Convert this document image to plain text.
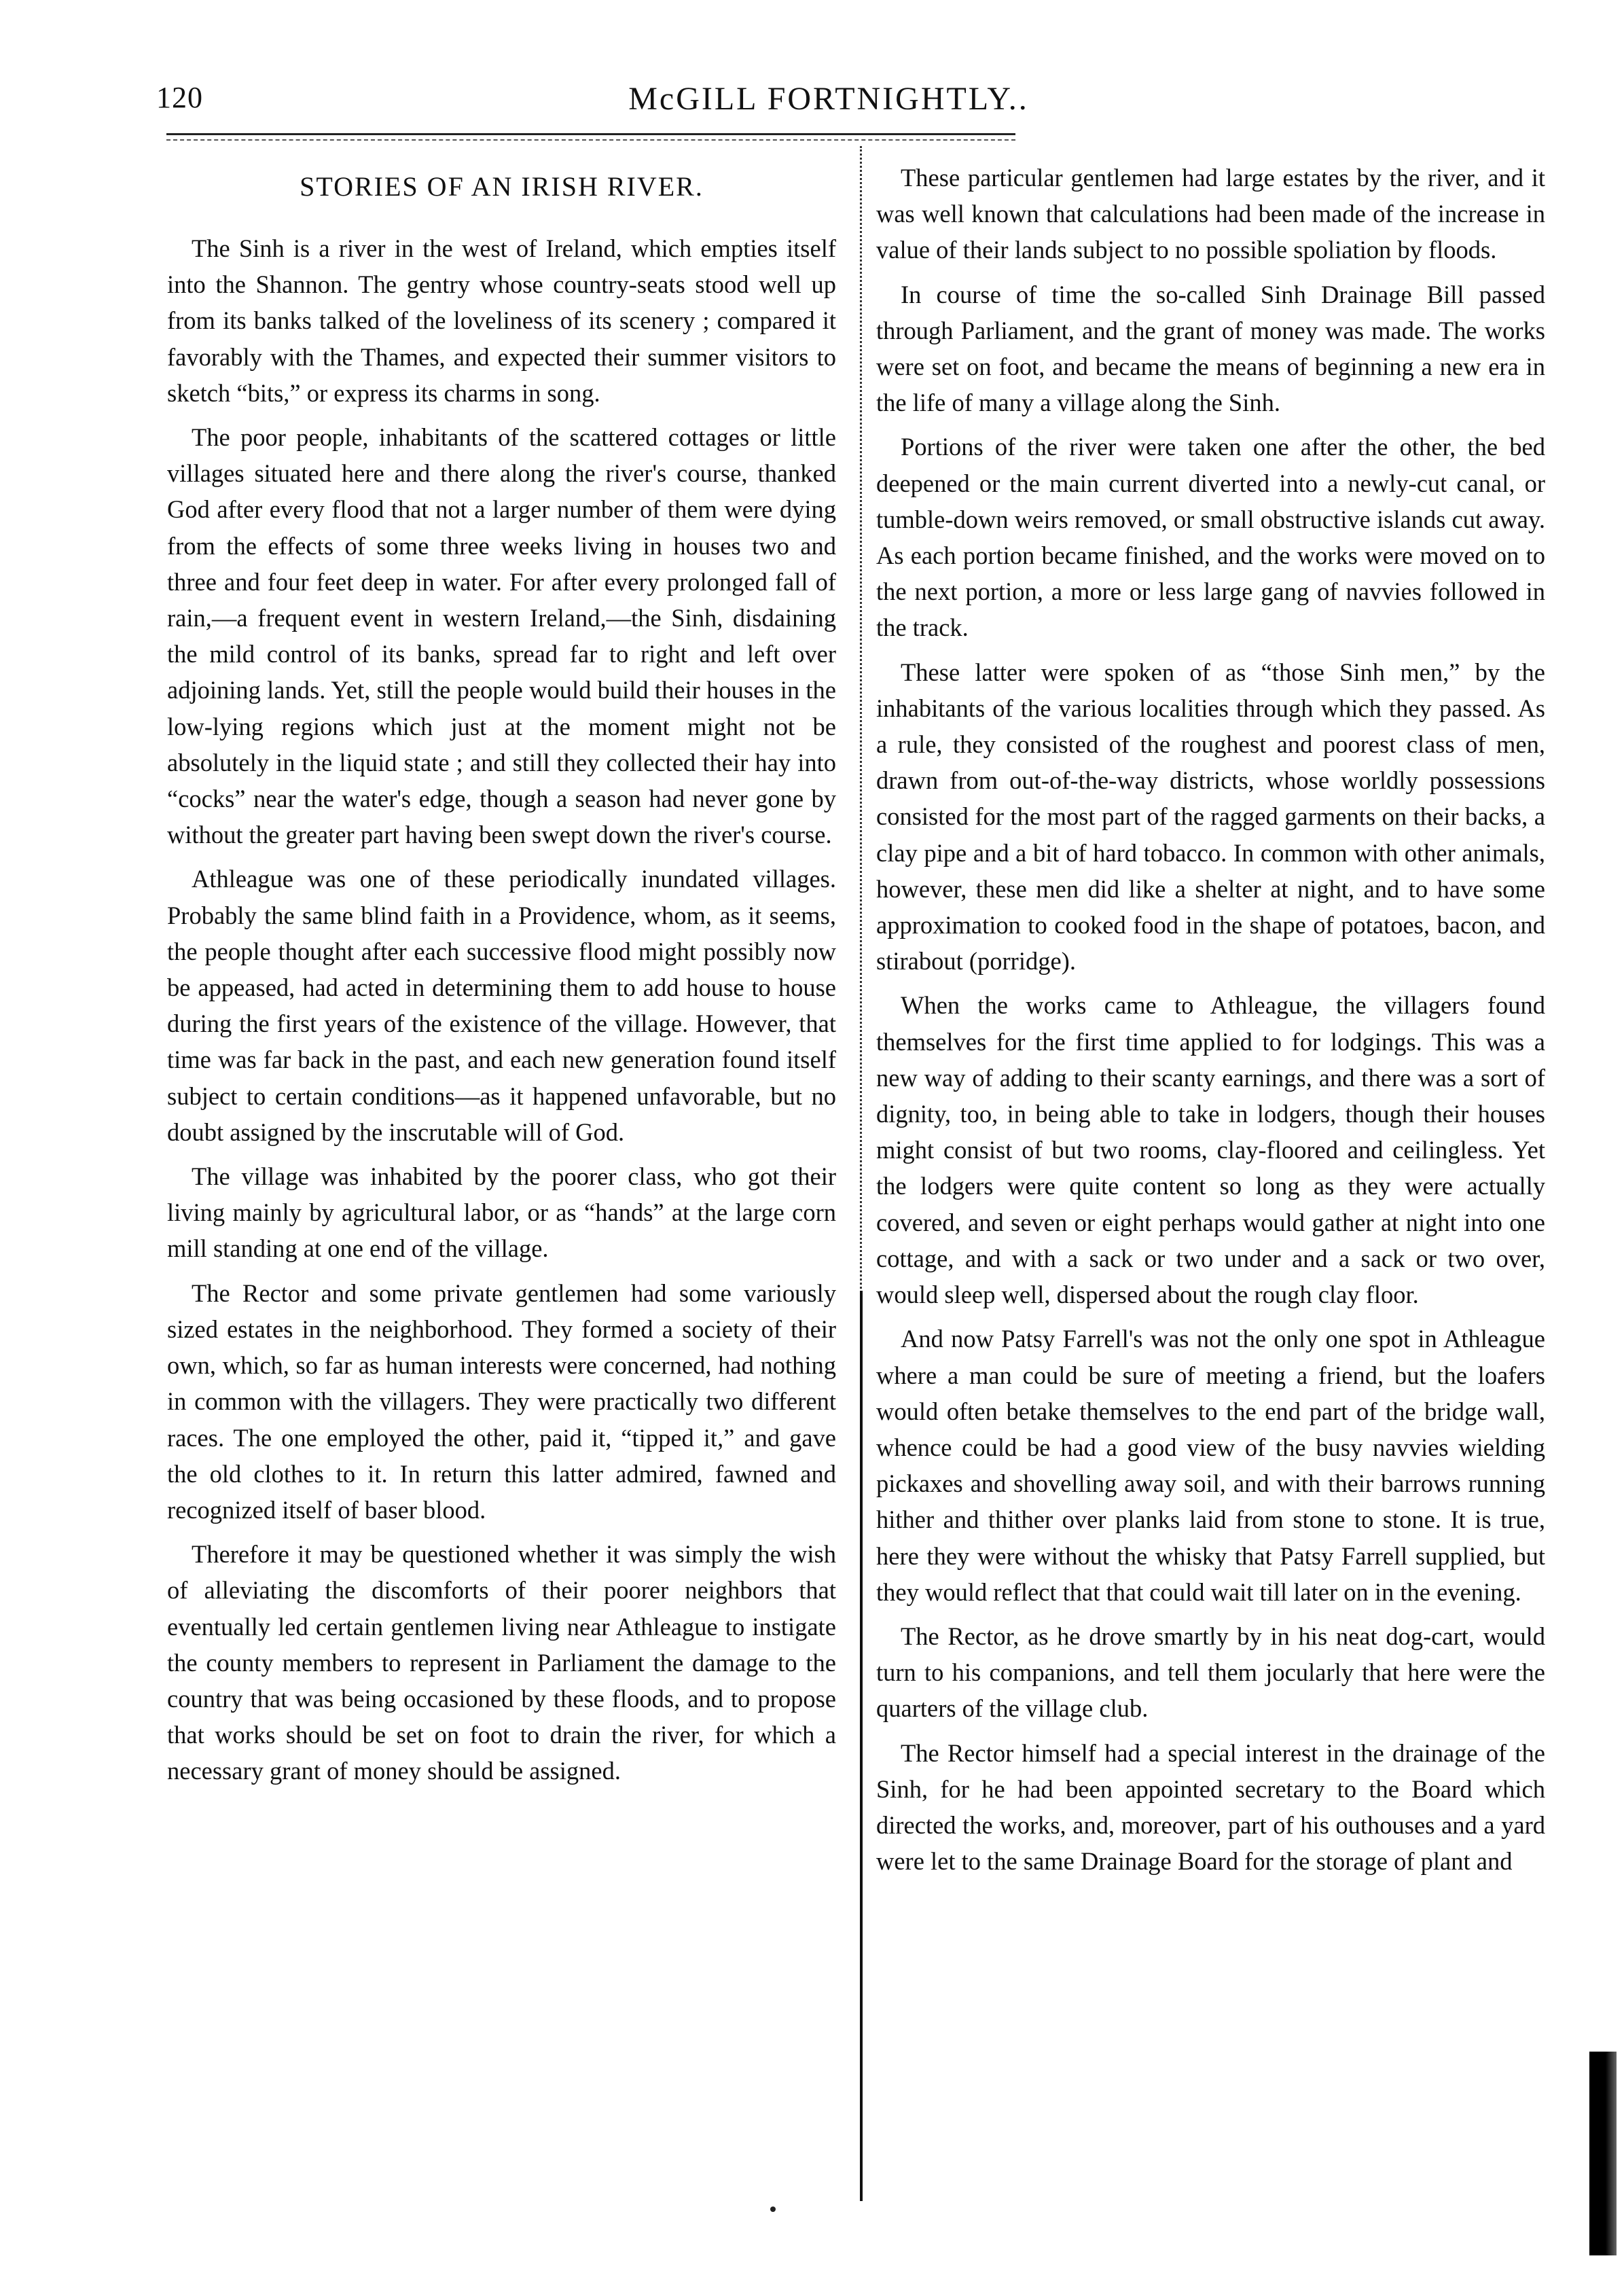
120	McGILL FORTNIGHTLY..
STORIES OF AN IRISH RIVER.

The Sinh is a river in the west of Ireland, which empties itself into the Shannon. The gentry whose country-seats stood well up from its banks talked of the loveliness of its scenery ; compared it favorably with the Thames, and expected their summer visitors to sketch “bits,” or express its charms in song.

The poor people, inhabitants of the scattered cottages or little villages situated here and there along the river's course, thanked God after every flood that not a larger number of them were dying from the effects of some three weeks living in houses two and three and four feet deep in water. For after every prolonged fall of rain,—a frequent event in western Ireland,—the Sinh, disdaining the mild control of its banks, spread far to right and left over adjoining lands. Yet, still the people would build their houses in the low-lying regions which just at the moment might not be absolutely in the liquid state ; and still they collected their hay into “cocks” near the water's edge, though a season had never gone by without the greater part having been swept down the river's course.

Athleague was one of these periodically inundated villages. Probably the same blind faith in a Providence, whom, as it seems, the people thought after each successive flood might possibly now be appeased, had acted in determining them to add house to house during the first years of the existence of the village. However, that time was far back in the past, and each new generation found itself subject to certain conditions—as it happened unfavorable, but no doubt assigned by the inscrutable will of God.

The village was inhabited by the poorer class, who got their living mainly by agricultural labor, or as “hands” at the large corn mill standing at one end of the village.

The Rector and some private gentlemen had some variously sized estates in the neighborhood. They formed a society of their own, which, so far as human interests were concerned, had nothing in common with the villagers. They were practically two different races. The one employed the other, paid it, “tipped it,” and gave the old clothes to it. In return this latter admired, fawned and recognized itself of baser blood.

Therefore it may be questioned whether it was simply the wish of alleviating the discomforts of their poorer neighbors that eventually led certain gentlemen living near Athleague to instigate the county members to represent in Parliament the damage to the country that was being occasioned by these floods, and to propose that works should be set on foot to drain the river, for which a necessary grant of money should be assigned.

These particular gentlemen had large estates by the river, and it was well known that calculations had been made of the increase in value of their lands subject to no possible spoliation by floods.

In course of time the so-called Sinh Drainage Bill passed through Parliament, and the grant of money was made. The works were set on foot, and became the means of beginning a new era in the life of many a village along the Sinh.

Portions of the river were taken one after the other, the bed deepened or the main current diverted into a newly-cut canal, or tumble-down weirs removed, or small obstructive islands cut away. As each portion became finished, and the works were moved on to the next portion, a more or less large gang of navvies followed in the track.

These latter were spoken of as “those Sinh men,” by the inhabitants of the various localities through which they passed. As a rule, they consisted of the roughest and poorest class of men, drawn from out-of-the-way districts, whose worldly possessions consisted for the most part of the ragged garments on their backs, a clay pipe and a bit of hard tobacco. In common with other animals, however, these men did like a shelter at night, and to have some approximation to cooked food in the shape of potatoes, bacon, and stirabout (porridge).

When the works came to Athleague, the villagers found themselves for the first time applied to for lodgings. This was a new way of adding to their scanty earnings, and there was a sort of dignity, too, in being able to take in lodgers, though their houses might consist of but two rooms, clay-floored and ceilingless. Yet the lodgers were quite content so long as they were actually covered, and seven or eight perhaps would gather at night into one cottage, and with a sack or two under and a sack or two over, would sleep well, dispersed about the rough clay floor.

And now Patsy Farrell's was not the only one spot in Athleague where a man could be sure of meeting a friend, but the loafers would often betake themselves to the end part of the bridge wall, whence could be had a good view of the busy navvies wielding pickaxes and shovelling away soil, and with their barrows running hither and thither over planks laid from stone to stone. It is true, here they were without the whisky that Patsy Farrell supplied, but they would reflect that that could wait till later on in the evening.

The Rector, as he drove smartly by in his neat dog-cart, would turn to his companions, and tell them jocularly that here were the quarters of the village club.

The Rector himself had a special interest in the drainage of the Sinh, for he had been appointed secretary to the Board which directed the works, and, moreover, part of his outhouses and a yard were let to the same Drainage Board for the storage of plant and
